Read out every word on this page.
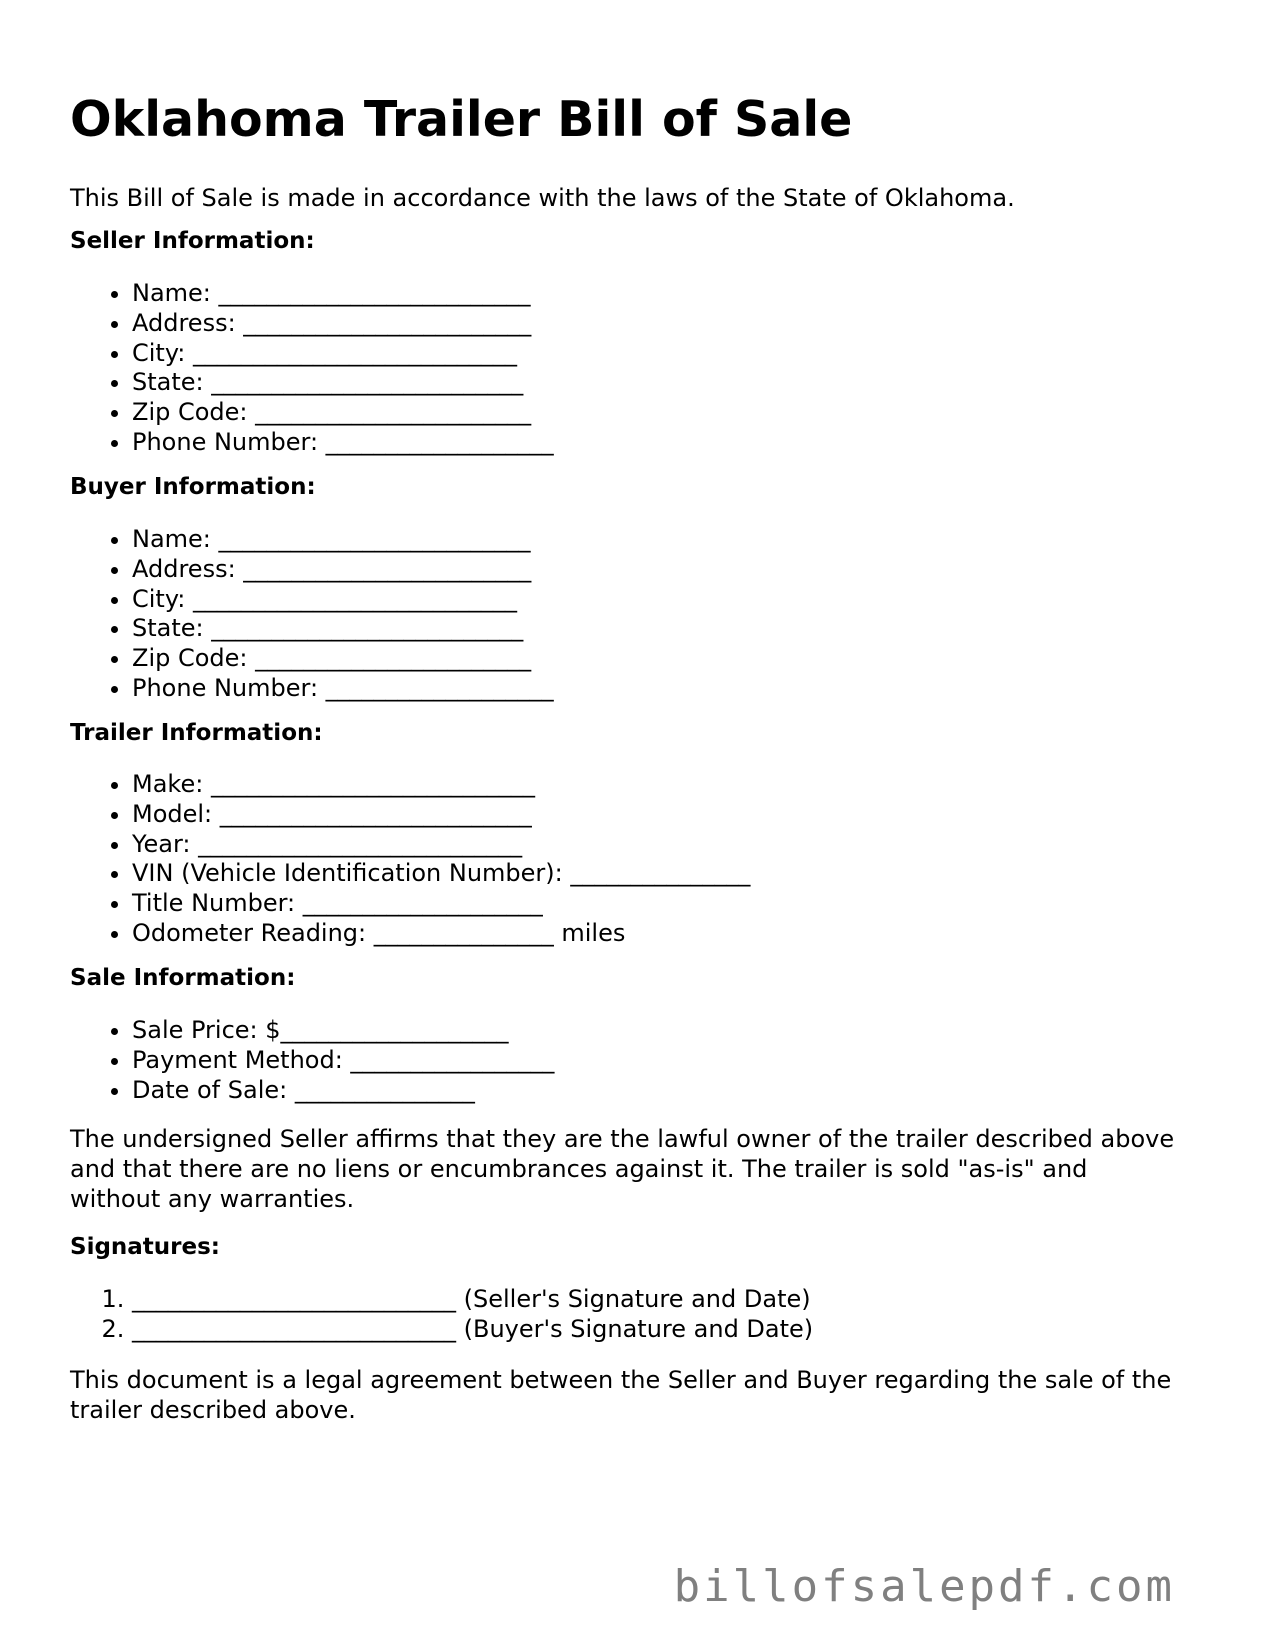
Oklahoma Trailer Bill of Sale
This Bill of Sale is made in accordance with the laws of the State of Oklahoma.
Seller Information:
• Name: __________________________
• Address: ________________________
• City: ___________________________
• State: __________________________
• Zip Code: _______________________
• Phone Number: ___________________
Buyer Information:
• Name: __________________________
• Address: ________________________
• City: ___________________________
• State: __________________________
• Zip Code: _______________________
• Phone Number: ___________________
Trailer Information:
• Make: ___________________________
• Model: __________________________
• Year: ___________________________
• VIN (Vehicle Identification Number): _______________
• Title Number: ____________________
• Odometer Reading: _______________ miles
Sale Information:
• Sale Price: $___________________
• Payment Method: _________________
• Date of Sale: _______________
The undersigned Seller affirms that they are the lawful owner of the trailer described above and that there are no liens or encumbrances against it. The trailer is sold "as-is" and without any warranties.
Signatures:
1. ___________________________ (Seller's Signature and Date)
2. ___________________________ (Buyer's Signature and Date)
This document is a legal agreement between the Seller and Buyer regarding the sale of the trailer described above.
billofsalepdf.com
